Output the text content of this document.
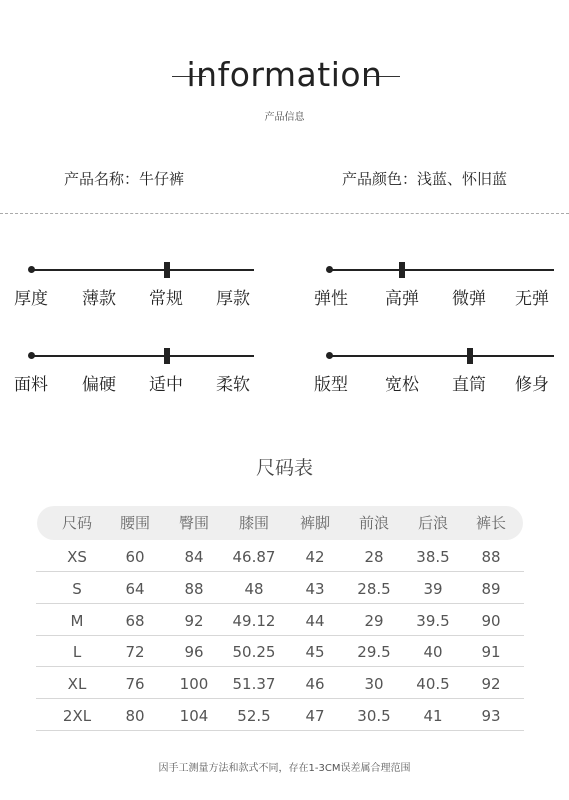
information
产品信息
产品名称：牛仔裤	产品颜色：浅蓝、怀旧蓝
厚度 薄款 常规 厚款	弹性 高弹 微弹 无弹
面料 偏硬 适中 柔软	版型 宽松 直筒 修身
尺码表
尺码	腰围	臀围	膝围	裤脚	前浪	后浪	裤长
XS	60	84	46.87	42	28	38.5	88
S	64	88	48	43	28.5	39	89
M	68	92	49.12	44	29	39.5	90
L	72	96	50.25	45	29.5	40	91
XL	76	100	51.37	46	30	40.5	92
2XL	80	104	52.5	47	30.5	41	93
因手工测量方法和款式不同，存在1-3CM误差属合理范围
